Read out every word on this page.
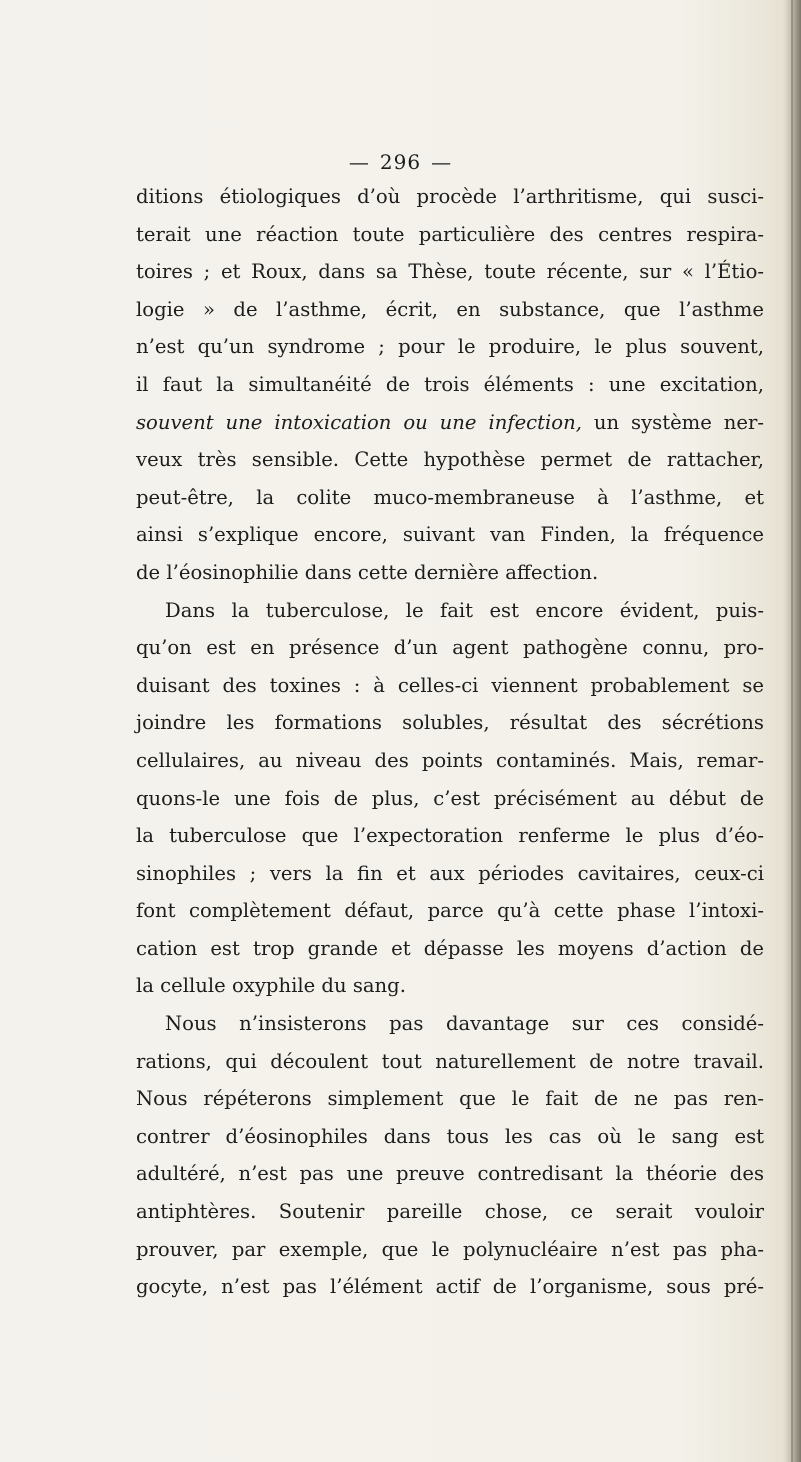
— 296 —
ditions étiologiques d’où procède l’arthritisme, qui susci-
terait une réaction toute particulière des centres respira-
toires ; et Roux, dans sa Thèse, toute récente, sur « l’Étio-
logie » de l’asthme, écrit, en substance, que l’asthme
n’est qu’un syndrome ; pour le produire, le plus souvent,
il faut la simultanéité de trois éléments : une excitation,
souvent une intoxication ou une infection, un système ner-
veux très sensible. Cette hypothèse permet de rattacher,
peut-être, la colite muco-membraneuse à l’asthme, et
ainsi s’explique encore, suivant van Finden, la fréquence
de l’éosinophilie dans cette dernière affection.
Dans la tuberculose, le fait est encore évident, puis-
qu’on est en présence d’un agent pathogène connu, pro-
duisant des toxines : à celles-ci viennent probablement se
joindre les formations solubles, résultat des sécrétions
cellulaires, au niveau des points contaminés. Mais, remar-
quons-le une fois de plus, c’est précisément au début de
la tuberculose que l’expectoration renferme le plus d’éo-
sinophiles ; vers la fin et aux périodes cavitaires, ceux-ci
font complètement défaut, parce qu’à cette phase l’intoxi-
cation est trop grande et dépasse les moyens d’action de
la cellule oxyphile du sang.
Nous n’insisterons pas davantage sur ces considé-
rations, qui découlent tout naturellement de notre travail.
Nous répéterons simplement que le fait de ne pas ren-
contrer d’éosinophiles dans tous les cas où le sang est
adultéré, n’est pas une preuve contredisant la théorie des
antiphtères. Soutenir pareille chose, ce serait vouloir
prouver, par exemple, que le polynucléaire n’est pas pha-
gocyte, n’est pas l’élément actif de l’organisme, sous pré-
